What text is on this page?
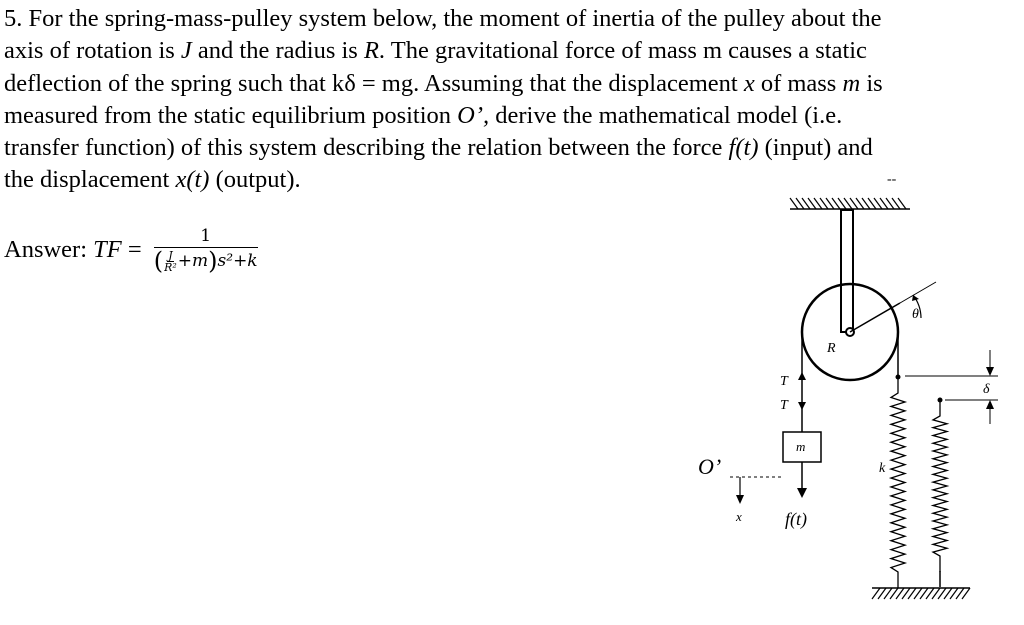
5. For the spring-mass-pulley system below, the moment of inertia of the pulley about the

axis of rotation is J and the radius is R. The gravitational force of mass m causes a static

deflection of the spring such that kδ = mg. Assuming that the displacement x of mass m is

measured from the static equilibrium position O’, derive the mathematical model (i.e.

transfer function) of this system describing the relation between the force f(t) (input) and

the displacement x(t) (output).

Answer: TF =	1
( $\frac{J}{\text{R²}} +m$ ) s² +k
--
θ
R
T
T
m
f(t)
O’
x
k
δ
